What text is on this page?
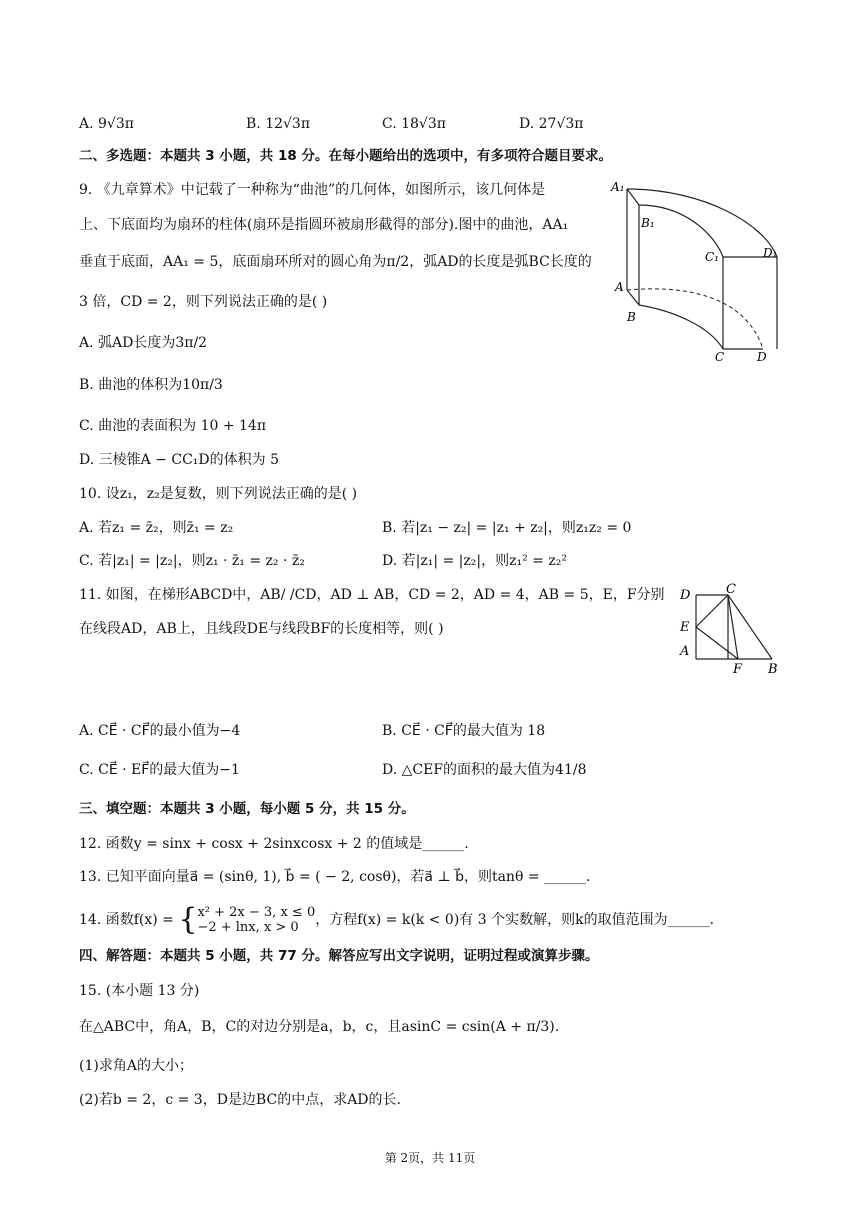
A. 9√3π	B. 12√3π	C. 18√3π	D. 27√3π
二、多选题：本题共 3 小题，共 18 分。在每小题给出的选项中，有多项符合题目要求。
9. 《九章算术》中记载了一种称为“曲池”的几何体，如图所示，该几何体是
上、下底面均为扇环的柱体(扇环是指圆环被扇形截得的部分).图中的曲池，AA₁
垂直于底面，AA₁ = 5，底面扇环所对的圆心角为π/2，弧AD的长度是弧BC长度的
3 倍，CD = 2，则下列说法正确的是( )
A. 弧AD长度为3π/2
B. 曲池的体积为10π/3
C. 曲池的表面积为 10 + 14π
D. 三棱锥A − CC₁D的体积为 5
A₁
B₁
C₁	D₁
A
B
C	D
10. 设z₁，z₂是复数，则下列说法正确的是( )
A. 若z₁ = z̄₂，则z̄₁ = z₂	B. 若|z₁ − z₂| = |z₁ + z₂|，则z₁z₂ = 0
C. 若|z₁| = |z₂|，则z₁ · z̄₁ = z₂ · z̄₂	D. 若|z₁| = |z₂|，则z₁² = z₂²
11. 如图，在梯形ABCD中，AB/ /CD，AD ⊥ AB，CD = 2，AD = 4，AB = 5，E，F分别
在线段AD，AB上，且线段DE与线段BF的长度相等，则( )
D	C
E
A
F B
A. CE⃗ · CF⃗的最小值为−4	B. CE⃗ · CF⃗的最大值为 18
C. CE⃗ · EF⃗的最大值为−1	D. △CEF的面积的最大值为41/8
三、填空题：本题共 3 小题，每小题 5 分，共 15 分。
12. 函数y = sinx + cosx + 2sinxcosx + 2 的值域是______.
13. 已知平面向量a⃗ = (sinθ, 1), b⃗ = ( − 2, cosθ)，若a⃗ ⊥ b⃗，则tanθ = ______.
14. 函数f(x) = { x² + 2x − 3, x ≤ 0
−2 + lnx, x > 0	，方程f(x) = k(k < 0)有 3 个实数解，则k的取值范围为______.
四、解答题：本题共 5 小题，共 77 分。解答应写出文字说明，证明过程或演算步骤。
15. (本小题 13 分)
在△ABC中，角A，B，C的对边分别是a，b，c，且asinC = csin(A + π/3).
(1)求角A的大小；
(2)若b = 2，c = 3，D是边BC的中点，求AD的长.
第 2页，共 11页
